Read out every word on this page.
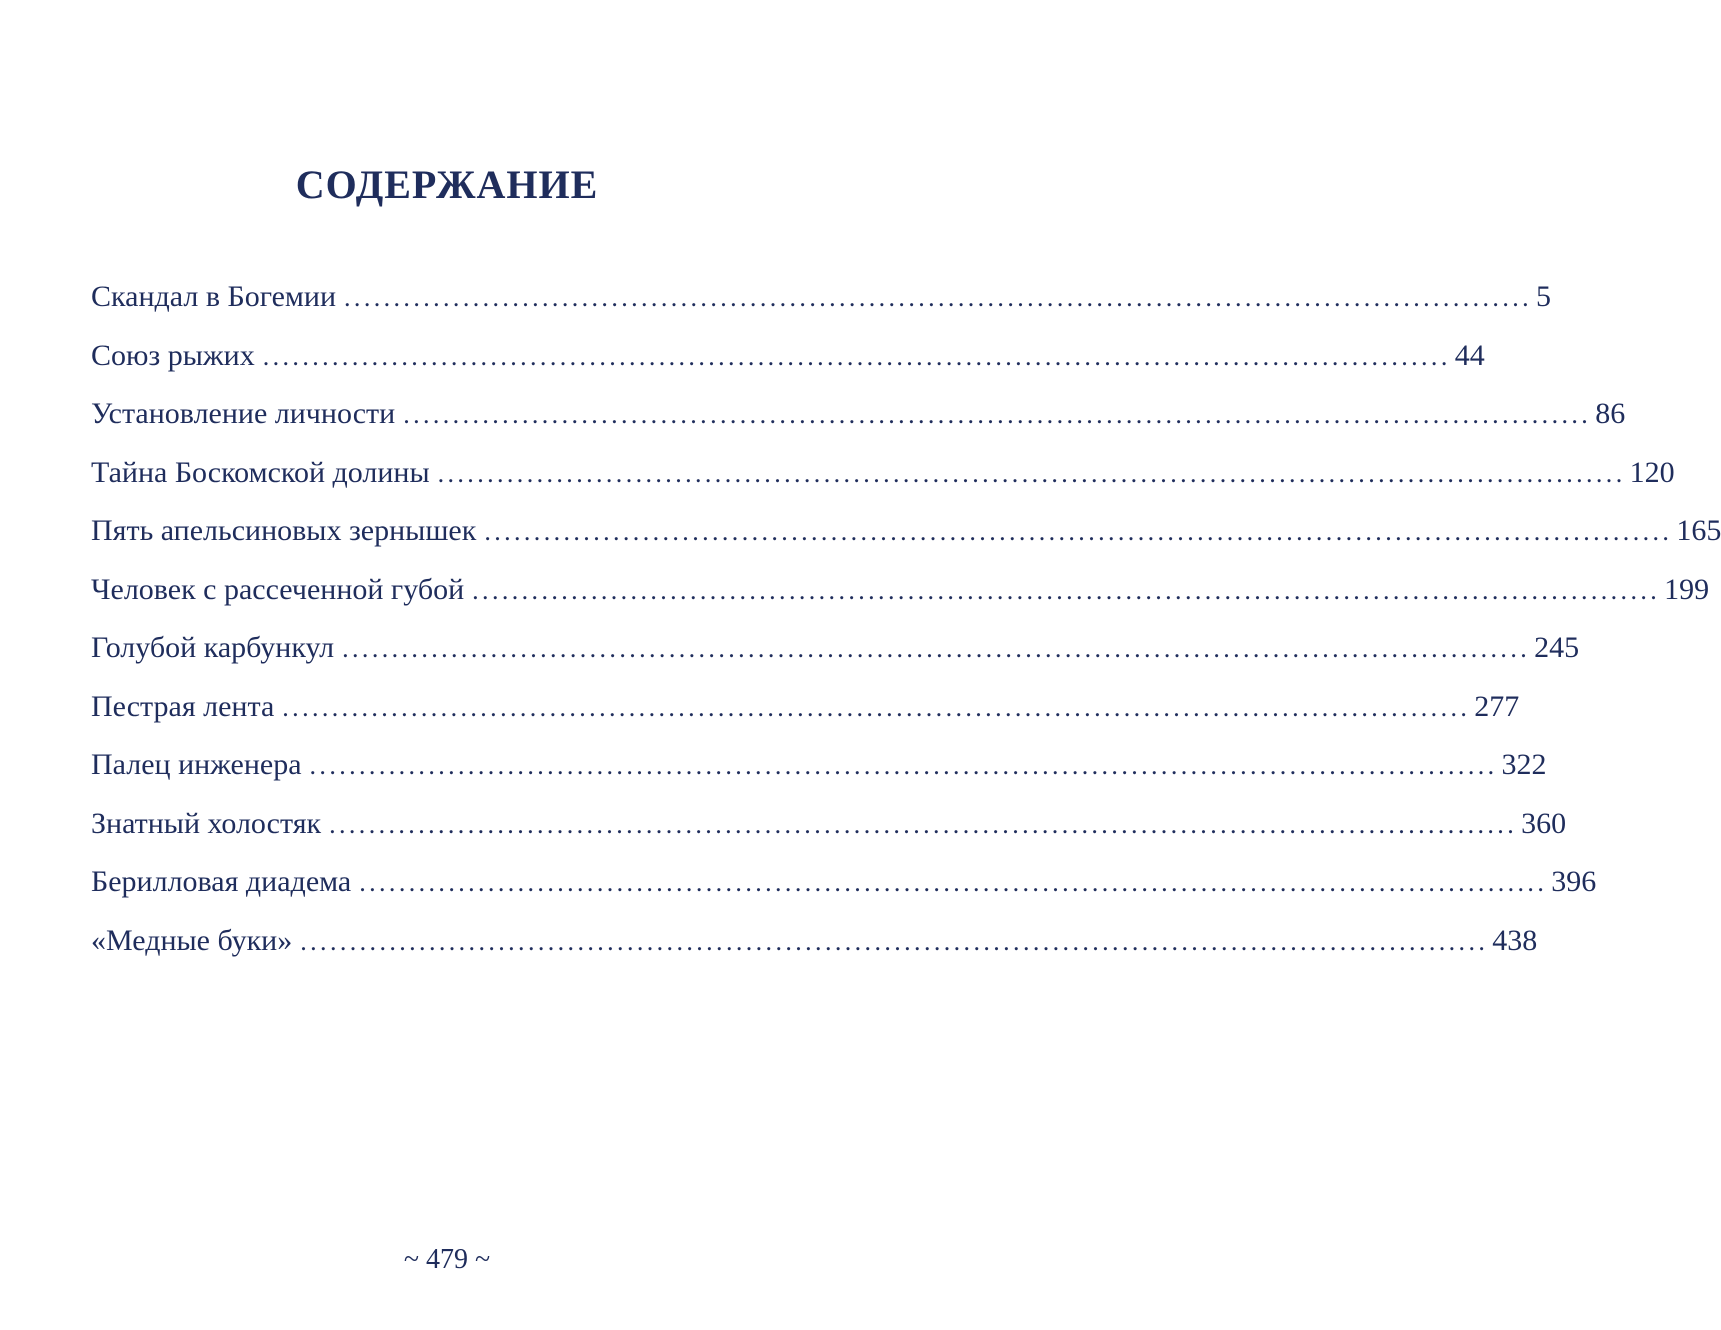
СОДЕРЖАНИЕ
Скандал в Богемии ........................................................................................................................ 5
Союз рыжих ........................................................................................................................ 44
Установление личности ........................................................................................................................ 86
Тайна Боскомской долины ........................................................................................................................ 120
Пять апельсиновых зернышек ........................................................................................................................ 165
Человек с рассеченной губой ........................................................................................................................ 199
Голубой карбункул ........................................................................................................................ 245
Пестрая лента ........................................................................................................................ 277
Палец инженера ........................................................................................................................ 322
Знатный холостяк ........................................................................................................................ 360
Берилловая диадема ........................................................................................................................ 396
«Медные буки» ........................................................................................................................ 438
~ 479 ~
